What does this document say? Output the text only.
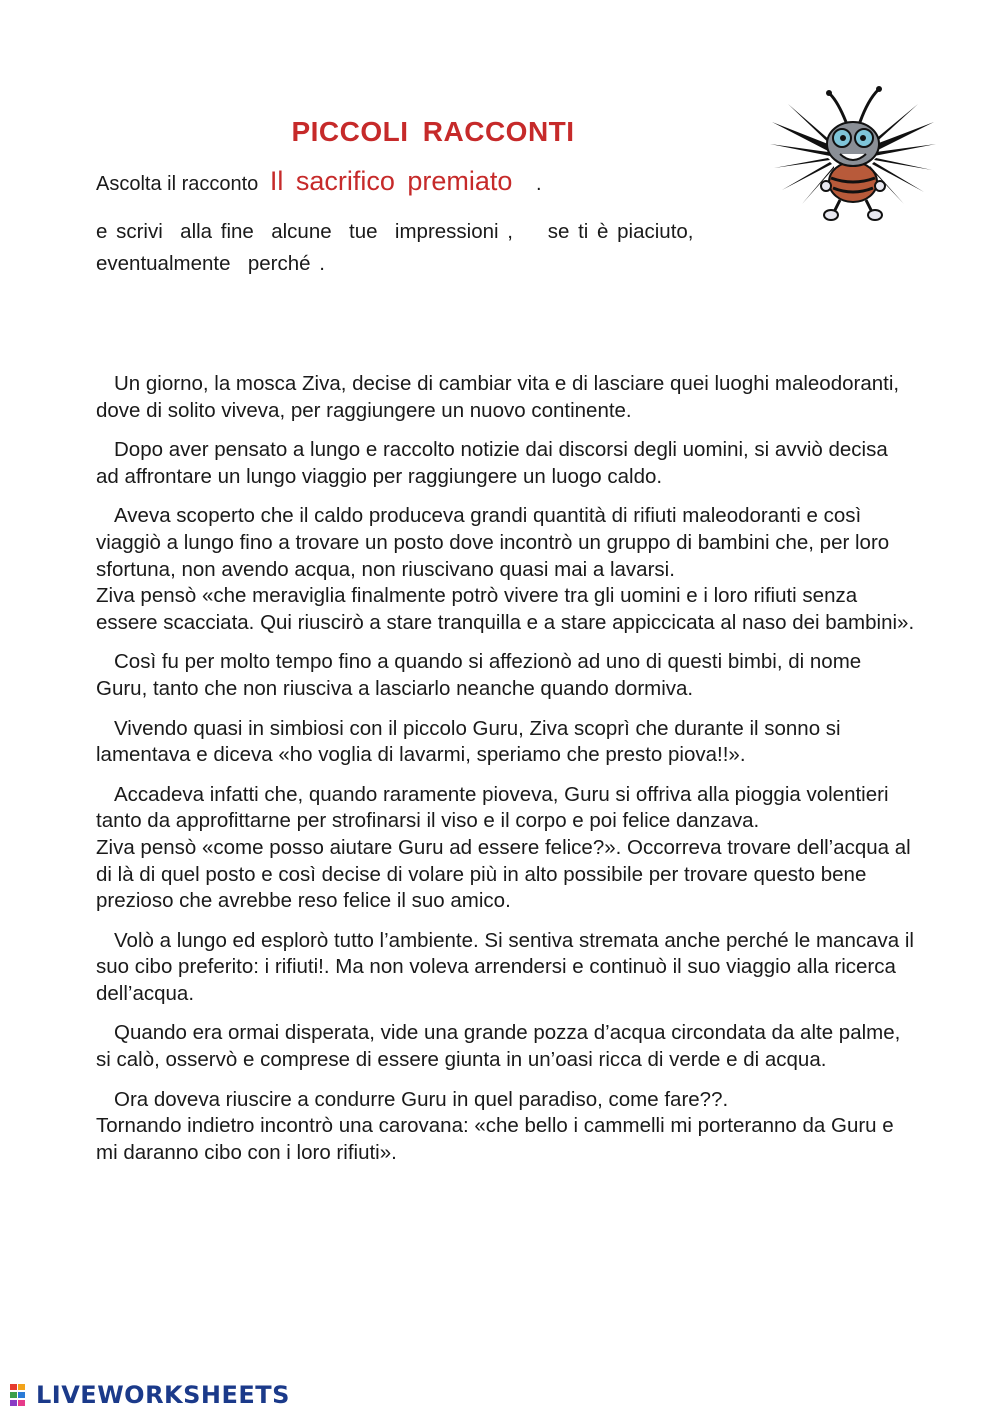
PICCOLI RACCONTI
Ascolta il racconto Il sacrifico premiato .
e scrivi  alla fine  alcune  tue  impressioni ,    se ti è piaciuto,
eventualmente  perché .

Un giorno, la mosca Ziva, decise di cambiar vita e di lasciare quei luoghi maleodoranti, dove di solito viveva, per raggiungere un nuovo continente.

Dopo aver pensato a lungo e raccolto notizie dai discorsi degli uomini, si avviò decisa ad affrontare un lungo viaggio per raggiungere un luogo caldo.

Aveva scoperto che il caldo produceva grandi quantità di rifiuti maleodoranti e così viaggiò a lungo fino a trovare un posto dove incontrò un gruppo di bambini che, per loro sfortuna, non avendo acqua, non riuscivano quasi mai a lavarsi.

Ziva pensò «che meraviglia finalmente potrò vivere tra gli uomini e i loro rifiuti senza essere scacciata. Qui riuscirò a stare tranquilla e a stare appiccicata al naso dei bambini».

Così fu per molto tempo fino a quando si affezionò ad uno di questi bimbi, di nome Guru, tanto che non riusciva a lasciarlo neanche quando dormiva.

Vivendo quasi in simbiosi con il piccolo Guru, Ziva scoprì che durante il sonno si lamentava e diceva «ho voglia di lavarmi, speriamo che presto piova!!».

Accadeva infatti che, quando raramente pioveva, Guru si offriva alla pioggia volentieri tanto da approfittarne per strofinarsi il viso e il corpo e poi felice danzava.

Ziva pensò «come posso aiutare Guru ad essere felice?». Occorreva trovare dell’acqua al di là di quel posto e così decise di volare più in alto possibile per trovare questo bene prezioso che avrebbe reso felice il suo amico.

Volò a lungo ed esplorò tutto l’ambiente. Si sentiva stremata anche perché le mancava il suo cibo preferito: i rifiuti!. Ma non voleva arrendersi e continuò il suo viaggio alla ricerca dell’acqua.

Quando era ormai disperata, vide una grande pozza d’acqua circondata da alte palme, si calò, osservò e comprese di essere giunta in un’oasi ricca di verde e di acqua.

Ora doveva riuscire a condurre Guru in quel paradiso, come fare??.

Tornando indietro incontrò una carovana: «che bello i cammelli mi porteranno da Guru e mi daranno cibo con i loro rifiuti».

LIVEWORKSHEETS
